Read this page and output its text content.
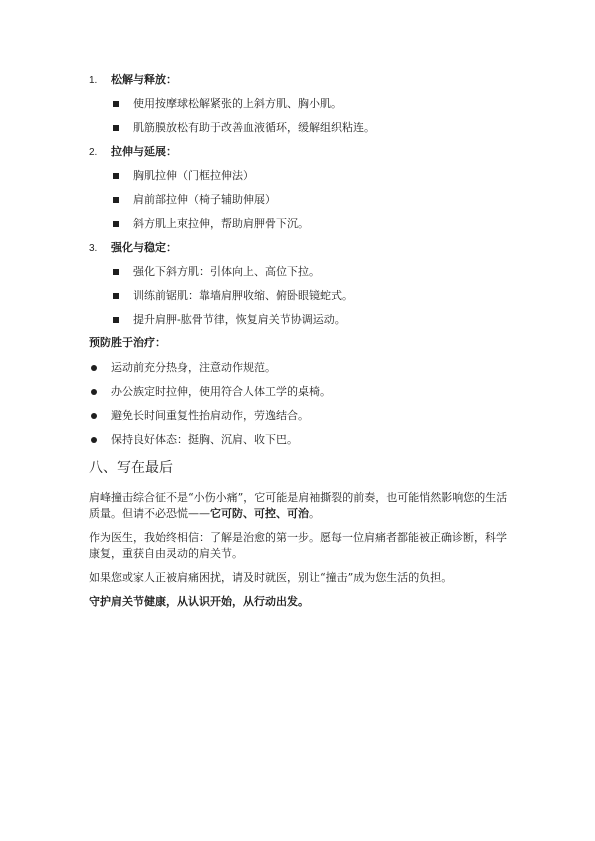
1. 松解与释放：
使用按摩球松解紧张的上斜方肌、胸小肌。
肌筋膜放松有助于改善血液循环，缓解组织粘连。
2. 拉伸与延展：
胸肌拉伸（门框拉伸法）
肩前部拉伸（椅子辅助伸展）
斜方肌上束拉伸，帮助肩胛骨下沉。
3. 强化与稳定：
强化下斜方肌：引体向上、高位下拉。
训练前锯肌：靠墙肩胛收缩、俯卧眼镜蛇式。
提升肩胛-肱骨节律，恢复肩关节协调运动。
预防胜于治疗：
运动前充分热身，注意动作规范。
办公族定时拉伸，使用符合人体工学的桌椅。
避免长时间重复性抬肩动作，劳逸结合。
保持良好体态：挺胸、沉肩、收下巴。
八、写在最后

肩峰撞击综合征不是“小伤小痛”，它可能是肩袖撕裂的前奏，也可能悄然影响您的生活质量。但请不必恐慌——它可防、可控、可治。

作为医生，我始终相信：了解是治愈的第一步。愿每一位肩痛者都能被正确诊断，科学康复，重获自由灵动的肩关节。

如果您或家人正被肩痛困扰，请及时就医，别让“撞击”成为您生活的负担。

守护肩关节健康，从认识开始，从行动出发。
